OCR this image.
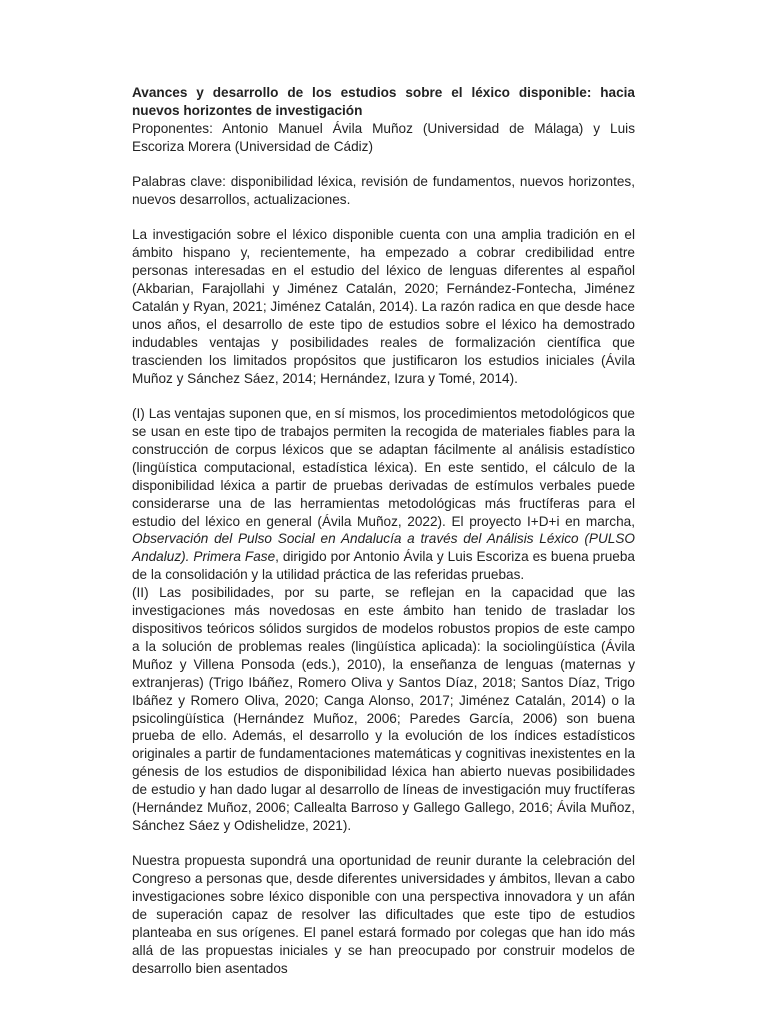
Avances y desarrollo de los estudios sobre el léxico disponible: hacia nuevos horizontes de investigación

Proponentes: Antonio Manuel Ávila Muñoz (Universidad de Málaga) y Luis Escoriza Morera (Universidad de Cádiz)

Palabras clave: disponibilidad léxica, revisión de fundamentos, nuevos horizontes, nuevos desarrollos, actualizaciones.

La investigación sobre el léxico disponible cuenta con una amplia tradición en el ámbito hispano y, recientemente, ha empezado a cobrar credibilidad entre personas interesadas en el estudio del léxico de lenguas diferentes al español (Akbarian, Farajollahi y Jiménez Catalán, 2020; Fernández-Fontecha, Jiménez Catalán y Ryan, 2021; Jiménez Catalán, 2014). La razón radica en que desde hace unos años, el desarrollo de este tipo de estudios sobre el léxico ha demostrado indudables ventajas y posibilidades reales de formalización científica que trascienden los limitados propósitos que justificaron los estudios iniciales (Ávila Muñoz y Sánchez Sáez, 2014; Hernández, Izura y Tomé, 2014).

(I) Las ventajas suponen que, en sí mismos, los procedimientos metodológicos que se usan en este tipo de trabajos permiten la recogida de materiales fiables para la construcción de corpus léxicos que se adaptan fácilmente al análisis estadístico (lingüística computacional, estadística léxica). En este sentido, el cálculo de la disponibilidad léxica a partir de pruebas derivadas de estímulos verbales puede considerarse una de las herramientas metodológicas más fructíferas para el estudio del léxico en general (Ávila Muñoz, 2022). El proyecto I+D+i en marcha, Observación del Pulso Social en Andalucía a través del Análisis Léxico (PULSO Andaluz). Primera Fase, dirigido por Antonio Ávila y Luis Escoriza es buena prueba de la consolidación y la utilidad práctica de las referidas pruebas.

(II) Las posibilidades, por su parte, se reflejan en la capacidad que las investigaciones más novedosas en este ámbito han tenido de trasladar los dispositivos teóricos sólidos surgidos de modelos robustos propios de este campo a la solución de problemas reales (lingüística aplicada): la sociolingüística (Ávila Muñoz y Villena Ponsoda (eds.), 2010), la enseñanza de lenguas (maternas y extranjeras) (Trigo Ibáñez, Romero Oliva y Santos Díaz, 2018; Santos Díaz, Trigo Ibáñez y Romero Oliva, 2020; Canga Alonso, 2017; Jiménez Catalán, 2014) o la psicolingüística (Hernández Muñoz, 2006; Paredes García, 2006) son buena prueba de ello. Además, el desarrollo y la evolución de los índices estadísticos originales a partir de fundamentaciones matemáticas y cognitivas inexistentes en la génesis de los estudios de disponibilidad léxica han abierto nuevas posibilidades de estudio y han dado lugar al desarrollo de líneas de investigación muy fructíferas (Hernández Muñoz, 2006; Callealta Barroso y Gallego Gallego, 2016; Ávila Muñoz, Sánchez Sáez y Odishelidze, 2021).

Nuestra propuesta supondrá una oportunidad de reunir durante la celebración del Congreso a personas que, desde diferentes universidades y ámbitos, llevan a cabo investigaciones sobre léxico disponible con una perspectiva innovadora y un afán de superación capaz de resolver las dificultades que este tipo de estudios planteaba en sus orígenes. El panel estará formado por colegas que han ido más allá de las propuestas iniciales y se han preocupado por construir modelos de desarrollo bien asentados
